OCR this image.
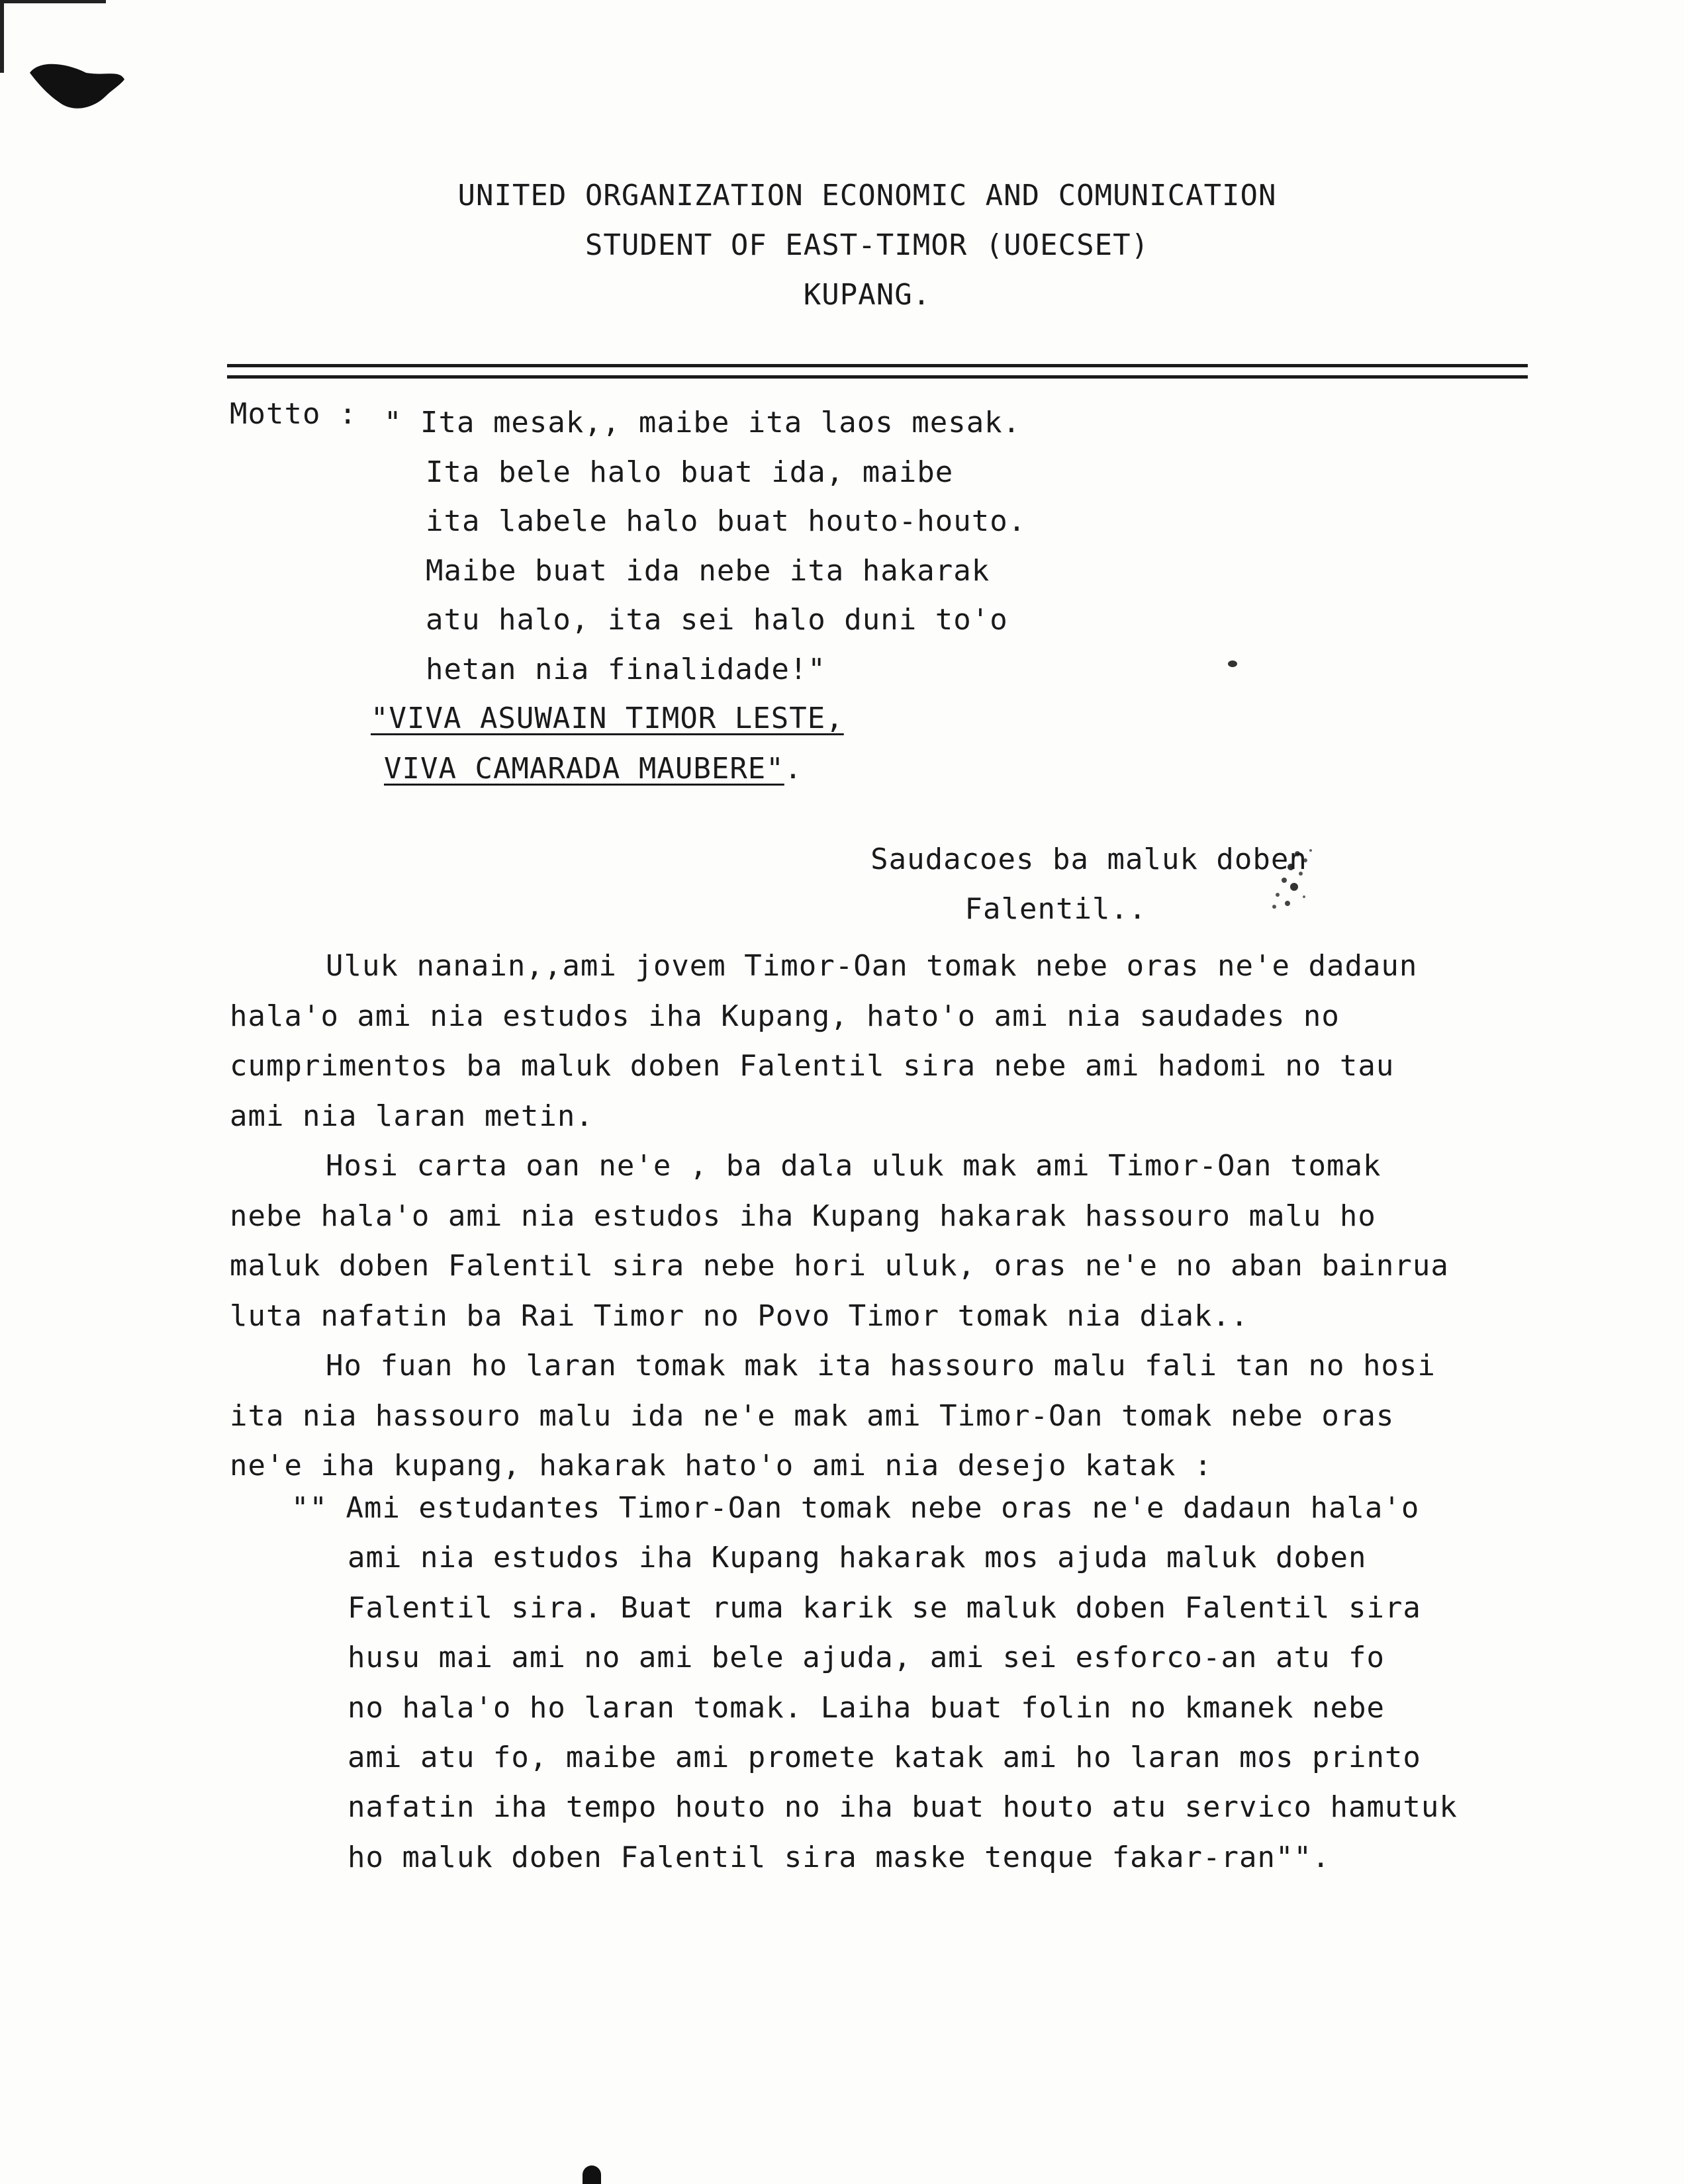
UNITED ORGANIZATION ECONOMIC AND COMUNICATION
STUDENT OF EAST-TIMOR (UOECSET)
KUPANG.
Motto : " Ita mesak,, maibe ita laos mesak.
Ita bele halo buat ida, maibe
ita labele halo buat houto-houto.
Maibe buat ida nebe ita hakarak
atu halo, ita sei halo duni to'o
hetan nia finalidade!"
"VIVA ASUWAIN TIMOR LESTE,
VIVA CAMARADA MAUBERE".
Saudacoes ba maluk doben
Falentil..
Uluk nanain,,ami jovem Timor-Oan tomak nebe oras ne'e dadaun
hala'o ami nia estudos iha Kupang, hato'o ami nia saudades no
cumprimentos ba maluk doben Falentil sira nebe ami hadomi no tau
ami nia laran metin.
Hosi carta oan ne'e , ba dala uluk mak ami Timor-Oan tomak
nebe hala'o ami nia estudos iha Kupang hakarak hassouro malu ho
maluk doben Falentil sira nebe hori uluk, oras ne'e no aban bainrua
luta nafatin ba Rai Timor no Povo Timor tomak nia diak..
Ho fuan ho laran tomak mak ita hassouro malu fali tan no hosi
ita nia hassouro malu ida ne'e mak ami Timor-Oan tomak nebe oras
ne'e iha kupang, hakarak hato'o ami nia desejo katak :
"" Ami estudantes Timor-Oan tomak nebe oras ne'e dadaun hala'o
ami nia estudos iha Kupang hakarak mos ajuda maluk doben
Falentil sira. Buat ruma karik se maluk doben Falentil sira
husu mai ami no ami bele ajuda, ami sei esforco-an atu fo
no hala'o ho laran tomak. Laiha buat folin no kmanek nebe
ami atu fo, maibe ami promete katak ami ho laran mos printo
nafatin iha tempo houto no iha buat houto atu servico hamutuk
ho maluk doben Falentil sira maske tenque fakar-ran"".
